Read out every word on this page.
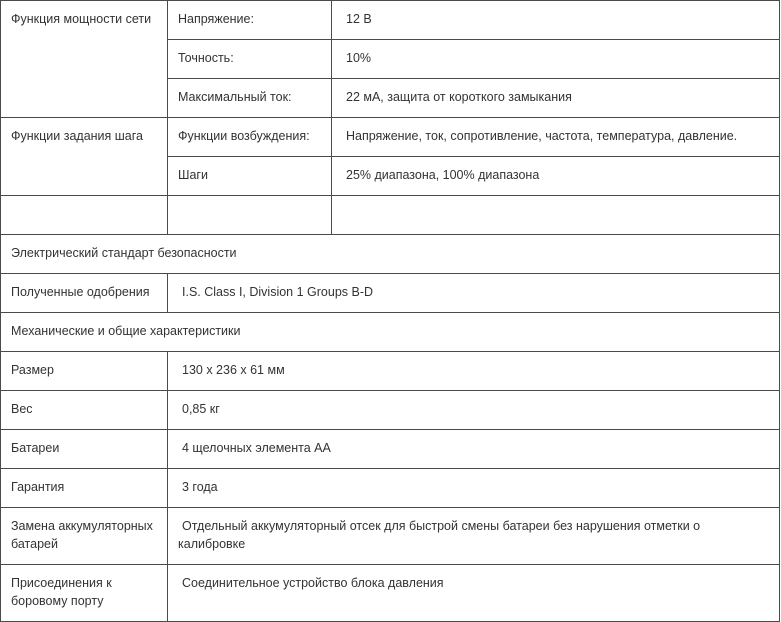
Функция мощности сети	Напряжение:	12 В

	Точность:	10%

	Максимальный ток:	22 мА, защита от короткого замыкания

Функции задания шага	Функции возбуждения:	Напряжение, ток, сопротивление, частота, температура, давление.

	Шаги	25% диапазона, 100% диапазона

Электрический стандарт безопасности	

Полученные одобрения	I.S. Class I, Division 1 Groups B-D

Механические и общие характеристики	

Размер	130 x 236 x 61 мм

Вес	0,85 кг

Батареи	4 щелочных элемента AA

Гарантия	3 года

Замена аккумуляторных батарей	Отдельный аккумуляторный отсек для быстрой смены батареи без нарушения отметки о калибровке

Присоединения к боровому порту	Соединительное устройство блока давления
